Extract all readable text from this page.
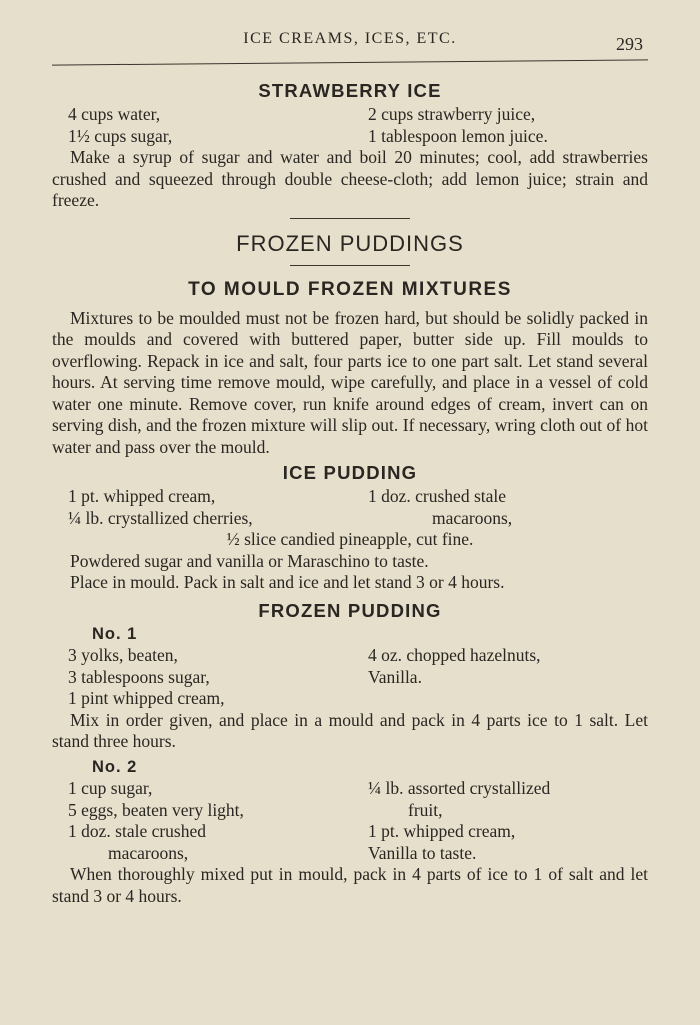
ICE CREAMS, ICES, ETC.	293
STRAWBERRY ICE
4 cups water,	2 cups strawberry juice,
1½ cups sugar,	1 tablespoon lemon juice.

Make a syrup of sugar and water and boil 20 minutes; cool, add strawberries crushed and squeezed through double cheese-cloth; add lemon juice; strain and freeze.

FROZEN PUDDINGS
TO MOULD FROZEN MIXTURES

Mixtures to be moulded must not be frozen hard, but should be solidly packed in the moulds and covered with buttered paper, butter side up. Fill moulds to overflowing. Repack in ice and salt, four parts ice to one part salt. Let stand several hours. At serving time remove mould, wipe carefully, and place in a vessel of cold water one minute. Remove cover, run knife around edges of cream, invert can on serving dish, and the frozen mixture will slip out. If necessary, wring cloth out of hot water and pass over the mould.

ICE PUDDING
1 pt. whipped cream,	1 doz. crushed stale
¼ lb. crystallized cherries,	macaroons,
½ slice candied pineapple, cut fine.
Powdered sugar and vanilla or Maraschino to taste.

Place in mould. Pack in salt and ice and let stand 3 or 4 hours.

FROZEN PUDDING
No. 1
3 yolks, beaten,	4 oz. chopped hazelnuts,
3 tablespoons sugar,	Vanilla.
1 pint whipped cream,

Mix in order given, and place in a mould and pack in 4 parts ice to 1 salt. Let stand three hours.

No. 2
1 cup sugar,	¼ lb. assorted crystallized
5 eggs, beaten very light,	fruit,
1 doz. stale crushed	1 pt. whipped cream,
macaroons,	Vanilla to taste.

When thoroughly mixed put in mould, pack in 4 parts of ice to 1 of salt and let stand 3 or 4 hours.
